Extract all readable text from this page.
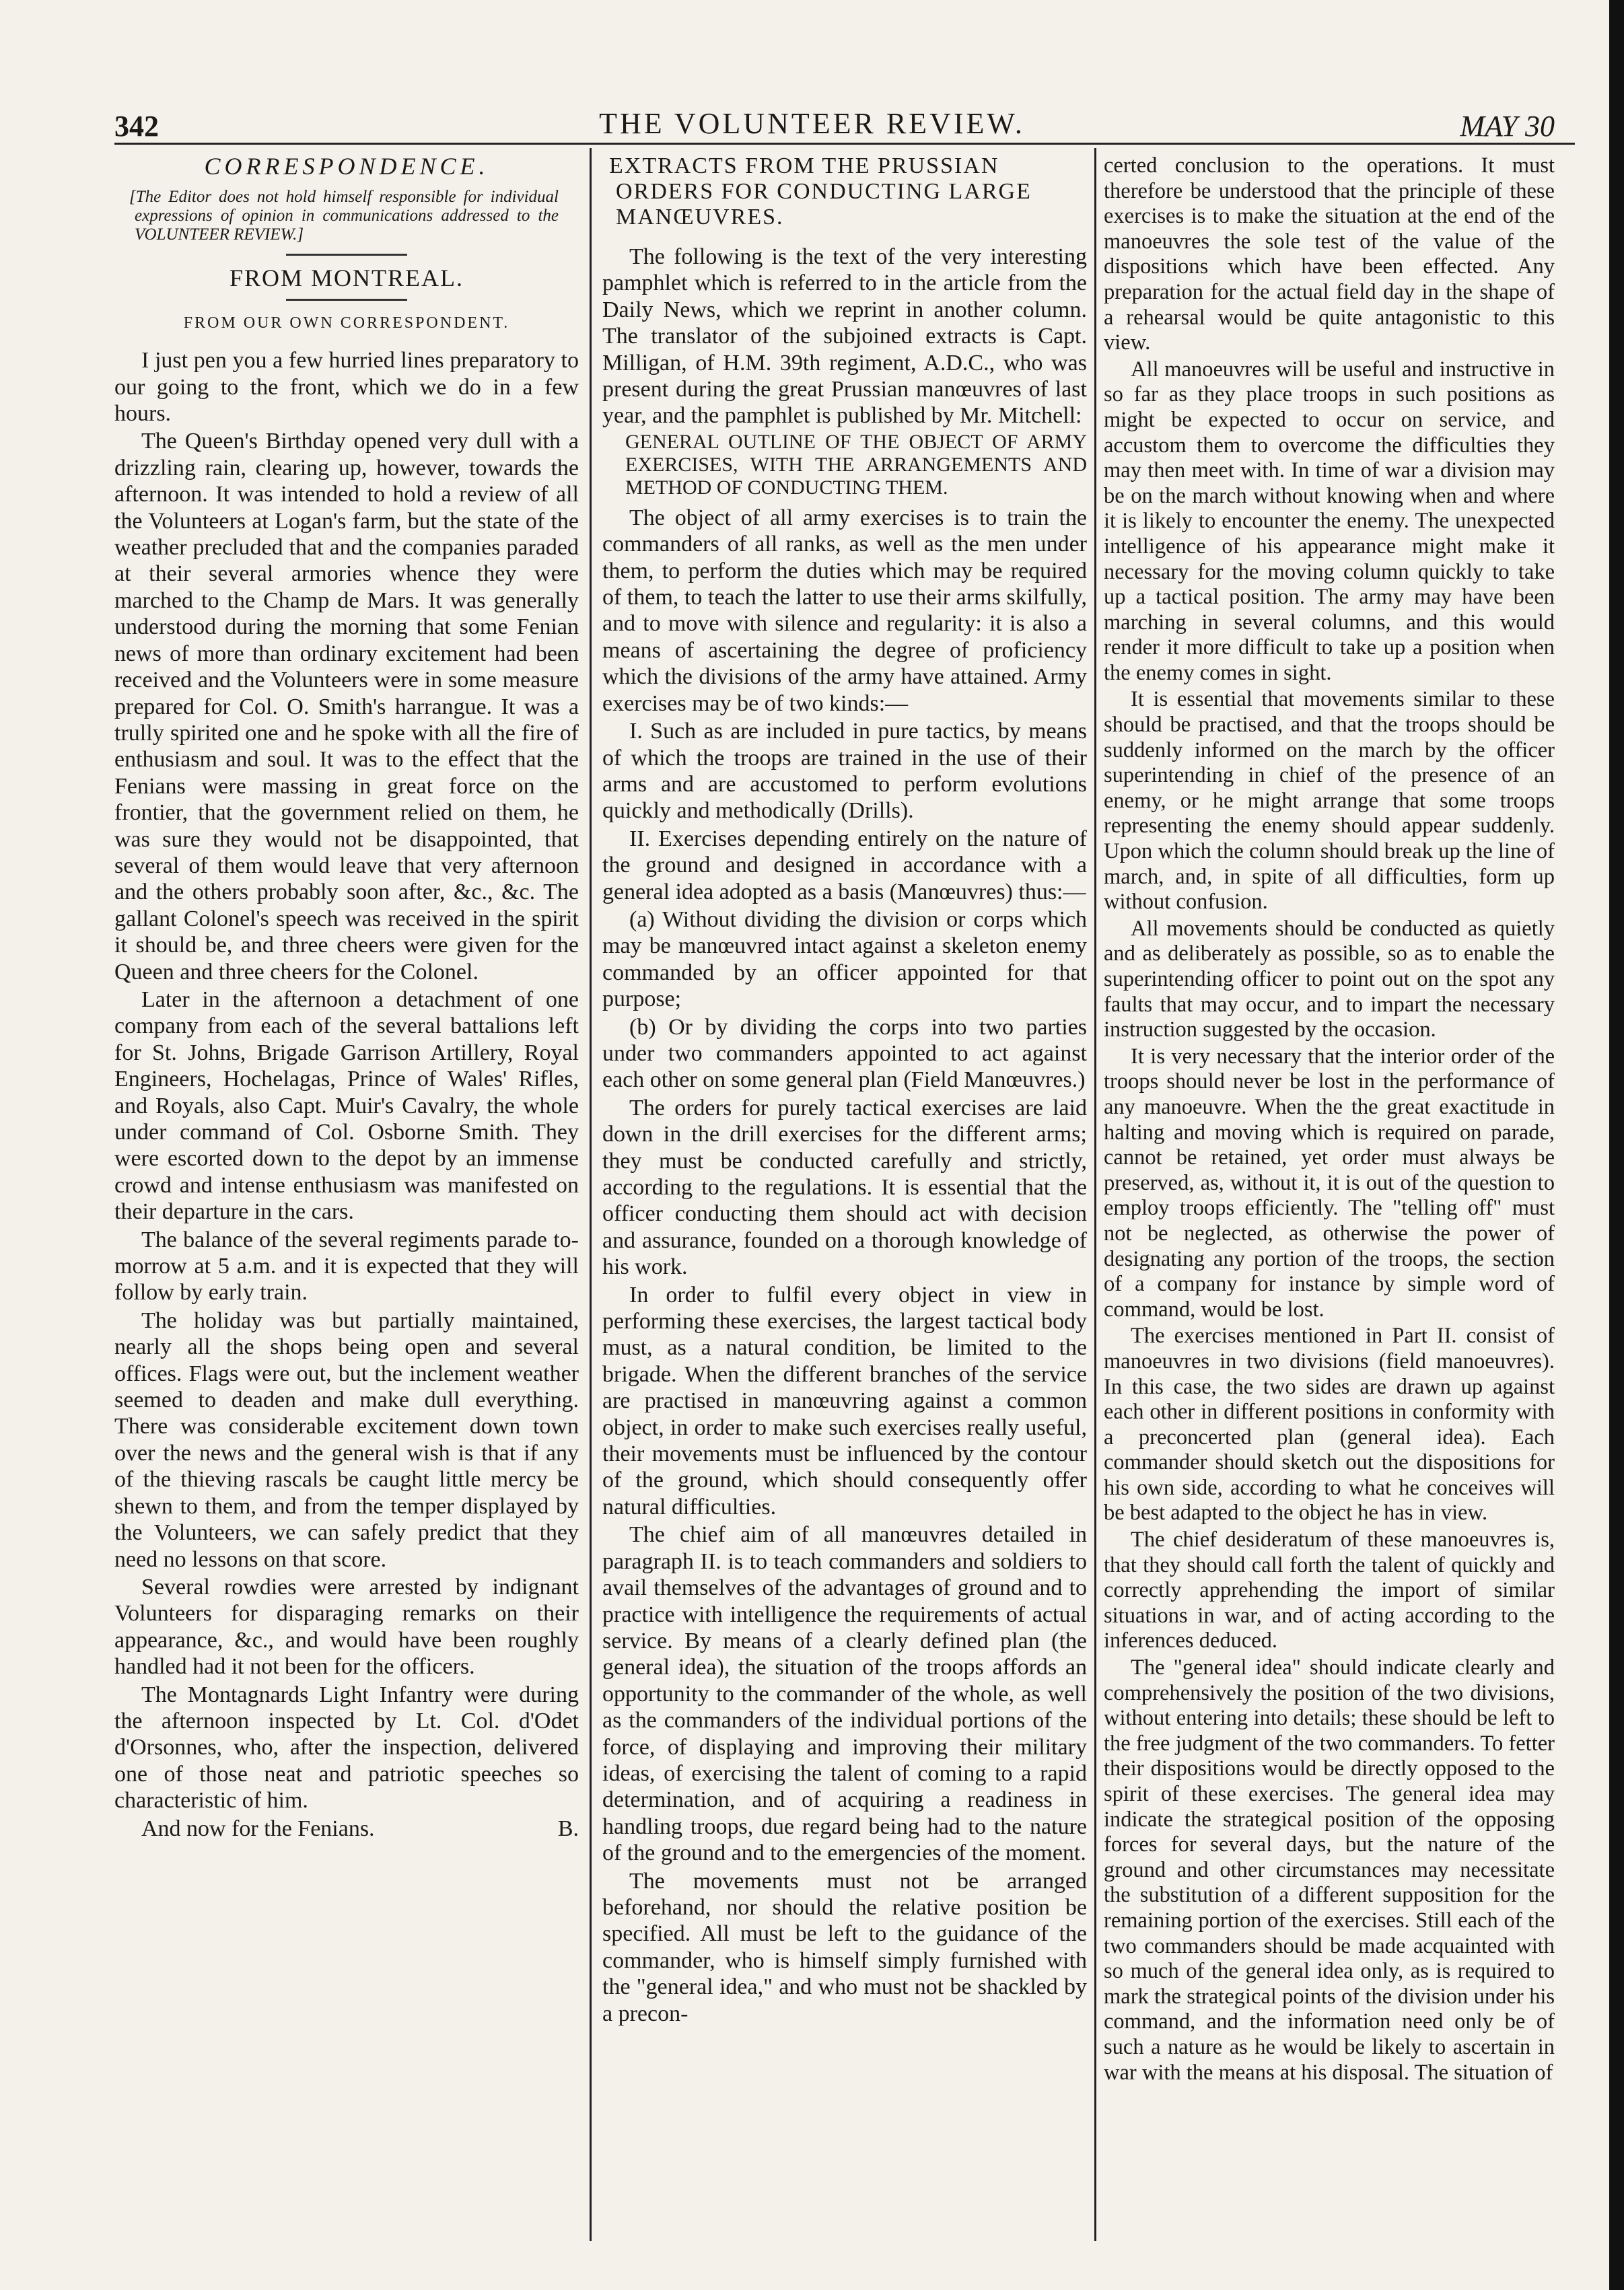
342	THE VOLUNTEER REVIEW.	MAY 30
CORRESPONDENCE.
[The Editor does not hold himself responsible for individual expressions of opinion in communications addressed to the VOLUNTEER REVIEW.]
FROM MONTREAL.
FROM OUR OWN CORRESPONDENT.

I just pen you a few hurried lines preparatory to our going to the front, which we do in a few hours.

The Queen's Birthday opened very dull with a drizzling rain, clearing up, however, towards the afternoon. It was intended to hold a review of all the Volunteers at Logan's farm, but the state of the weather precluded that and the companies paraded at their several armories whence they were marched to the Champ de Mars. It was generally understood during the morning that some Fenian news of more than ordinary excitement had been received and the Volunteers were in some measure prepared for Col. O. Smith's harrangue. It was a trully spirited one and he spoke with all the fire of enthusiasm and soul. It was to the effect that the Fenians were massing in great force on the frontier, that the government relied on them, he was sure they would not be disappointed, that several of them would leave that very afternoon and the others probably soon after, &c., &c. The gallant Colonel's speech was received in the spirit it should be, and three cheers were given for the Queen and three cheers for the Colonel.

Later in the afternoon a detachment of one company from each of the several battalions left for St. Johns, Brigade Garrison Artillery, Royal Engineers, Hochelagas, Prince of Wales' Rifles, and Royals, also Capt. Muir's Cavalry, the whole under command of Col. Osborne Smith. They were escorted down to the depot by an immense crowd and intense enthusiasm was manifested on their departure in the cars.

The balance of the several regiments parade to-morrow at 5 a.m. and it is expected that they will follow by early train.

The holiday was but partially maintained, nearly all the shops being open and several offices. Flags were out, but the inclement weather seemed to deaden and make dull everything. There was considerable excitement down town over the news and the general wish is that if any of the thieving rascals be caught little mercy be shewn to them, and from the temper displayed by the Volunteers, we can safely predict that they need no lessons on that score.

Several rowdies were arrested by indignant Volunteers for disparaging remarks on their appearance, &c., and would have been roughly handled had it not been for the officers.

The Montagnards Light Infantry were during the afternoon inspected by Lt. Col. d'Odet d'Orsonnes, who, after the inspection, delivered one of those neat and patriotic speeches so characteristic of him.

And now for the Fenians.	B.

EXTRACTS FROM THE PRUSSIAN ORDERS FOR CONDUCTING LARGE MANŒUVRES.

The following is the text of the very interesting pamphlet which is referred to in the article from the Daily News, which we reprint in another column. The translator of the subjoined extracts is Capt. Milligan, of H.M. 39th regiment, A.D.C., who was present during the great Prussian manœuvres of last year, and the pamphlet is published by Mr. Mitchell:

GENERAL OUTLINE OF THE OBJECT OF ARMY EXERCISES, WITH THE ARRANGEMENTS AND METHOD OF CONDUCTING THEM.

The object of all army exercises is to train the commanders of all ranks, as well as the men under them, to perform the duties which may be required of them, to teach the latter to use their arms skilfully, and to move with silence and regularity: it is also a means of ascertaining the degree of proficiency which the divisions of the army have attained. Army exercises may be of two kinds:—

I. Such as are included in pure tactics, by means of which the troops are trained in the use of their arms and are accustomed to perform evolutions quickly and methodically (Drills).

II. Exercises depending entirely on the nature of the ground and designed in accordance with a general idea adopted as a basis (Manœuvres) thus:—

(a) Without dividing the division or corps which may be manœuvred intact against a skeleton enemy commanded by an officer appointed for that purpose;

(b) Or by dividing the corps into two parties under two commanders appointed to act against each other on some general plan (Field Manœuvres.)

The orders for purely tactical exercises are laid down in the drill exercises for the different arms; they must be conducted carefully and strictly, according to the regulations. It is essential that the officer conducting them should act with decision and assurance, founded on a thorough knowledge of his work.

In order to fulfil every object in view in performing these exercises, the largest tactical body must, as a natural condition, be limited to the brigade. When the different branches of the service are practised in manœuvring against a common object, in order to make such exercises really useful, their movements must be influenced by the contour of the ground, which should consequently offer natural difficulties.

The chief aim of all manœuvres detailed in paragraph II. is to teach commanders and soldiers to avail themselves of the advantages of ground and to practice with intelligence the requirements of actual service. By means of a clearly defined plan (the general idea), the situation of the troops affords an opportunity to the commander of the whole, as well as the commanders of the individual portions of the force, of displaying and improving their military ideas, of exercising the talent of coming to a rapid determination, and of acquiring a readiness in handling troops, due regard being had to the nature of the ground and to the emergencies of the moment.

The movements must not be arranged beforehand, nor should the relative position be specified. All must be left to the guidance of the commander, who is himself simply furnished with the "general idea," and who must not be shackled by a precon-

certed conclusion to the operations. It must therefore be understood that the principle of these exercises is to make the situation at the end of the manoeuvres the sole test of the value of the dispositions which have been effected. Any preparation for the actual field day in the shape of a rehearsal would be quite antagonistic to this view.

All manoeuvres will be useful and instructive in so far as they place troops in such positions as might be expected to occur on service, and accustom them to overcome the difficulties they may then meet with. In time of war a division may be on the march without knowing when and where it is likely to encounter the enemy. The unexpected intelligence of his appearance might make it necessary for the moving column quickly to take up a tactical position. The army may have been marching in several columns, and this would render it more difficult to take up a position when the enemy comes in sight.

It is essential that movements similar to these should be practised, and that the troops should be suddenly informed on the march by the officer superintending in chief of the presence of an enemy, or he might arrange that some troops representing the enemy should appear suddenly. Upon which the column should break up the line of march, and, in spite of all difficulties, form up without confusion.

All movements should be conducted as quietly and as deliberately as possible, so as to enable the superintending officer to point out on the spot any faults that may occur, and to impart the necessary instruction suggested by the occasion.

It is very necessary that the interior order of the troops should never be lost in the performance of any manoeuvre. When the the great exactitude in halting and moving which is required on parade, cannot be retained, yet order must always be preserved, as, without it, it is out of the question to employ troops efficiently. The "telling off" must not be neglected, as otherwise the power of designating any portion of the troops, the section of a company for instance by simple word of command, would be lost.

The exercises mentioned in Part II. consist of manoeuvres in two divisions (field manoeuvres). In this case, the two sides are drawn up against each other in different positions in conformity with a preconcerted plan (general idea). Each commander should sketch out the dispositions for his own side, according to what he conceives will be best adapted to the object he has in view.

The chief desideratum of these manoeuvres is, that they should call forth the talent of quickly and correctly apprehending the import of similar situations in war, and of acting according to the inferences deduced.

The "general idea" should indicate clearly and comprehensively the position of the two divisions, without entering into details; these should be left to the free judgment of the two commanders. To fetter their dispositions would be directly opposed to the spirit of these exercises. The general idea may indicate the strategical position of the opposing forces for several days, but the nature of the ground and other circumstances may necessitate the substitution of a different supposition for the remaining portion of the exercises. Still each of the two commanders should be made acquainted with so much of the general idea only, as is required to mark the strategical points of the division under his command, and the information need only be of such a nature as he would be likely to ascertain in war with the means at his disposal. The situation of
